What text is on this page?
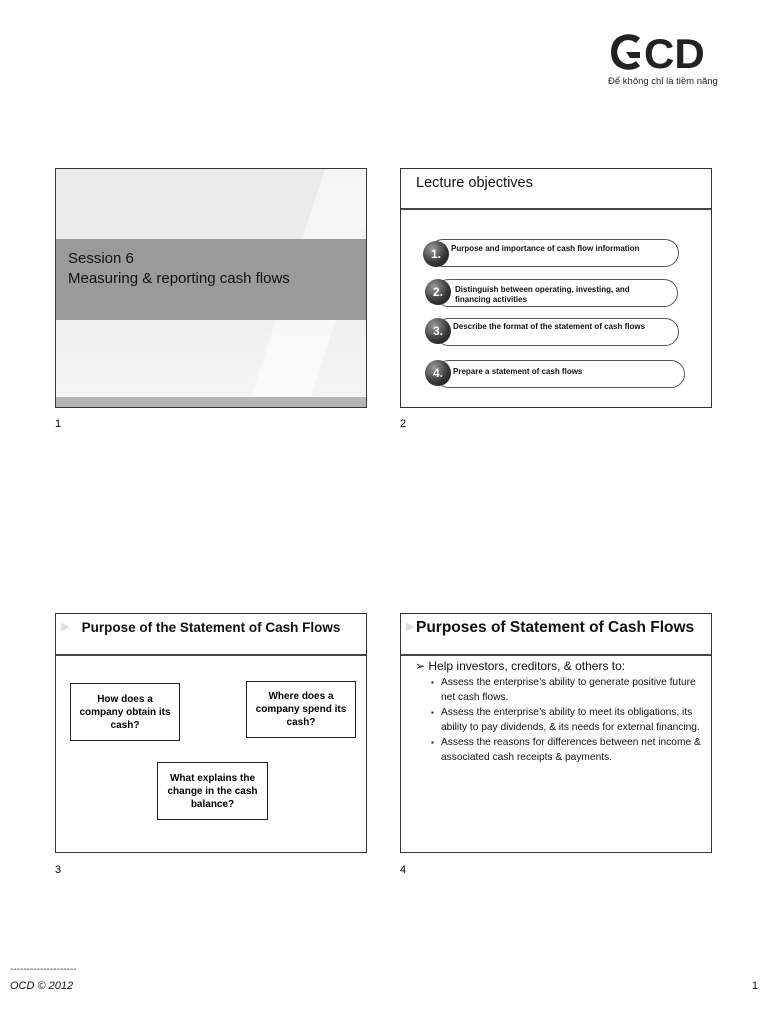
CD
Để không chỉ là tiềm năng
Session 6
Measuring & reporting cash flows
1
Lecture objectives
1.	Purpose and importance of cash flow information
2.	Distinguish between operating, investing, and financing activities
3.	Describe the format of the statement of cash flows
4.	Prepare a statement of cash flows
2
▶ Purpose of the Statement of Cash Flows
How does a company obtain its cash?
Where does a company spend its cash?
What explains the change in the cash balance?
3
▶ Purposes of Statement of Cash Flows
➢ Help investors, creditors, & others to:
▪ Assess the enterprise’s ability to generate positive future net cash flows.
▪ Assess the enterprise’s ability to meet its obligations, its ability to pay dividends, & its needs for external financing.
▪ Assess the reasons for differences between net income & associated cash receipts & payments.
4
--------------------
OCD © 2012	1
